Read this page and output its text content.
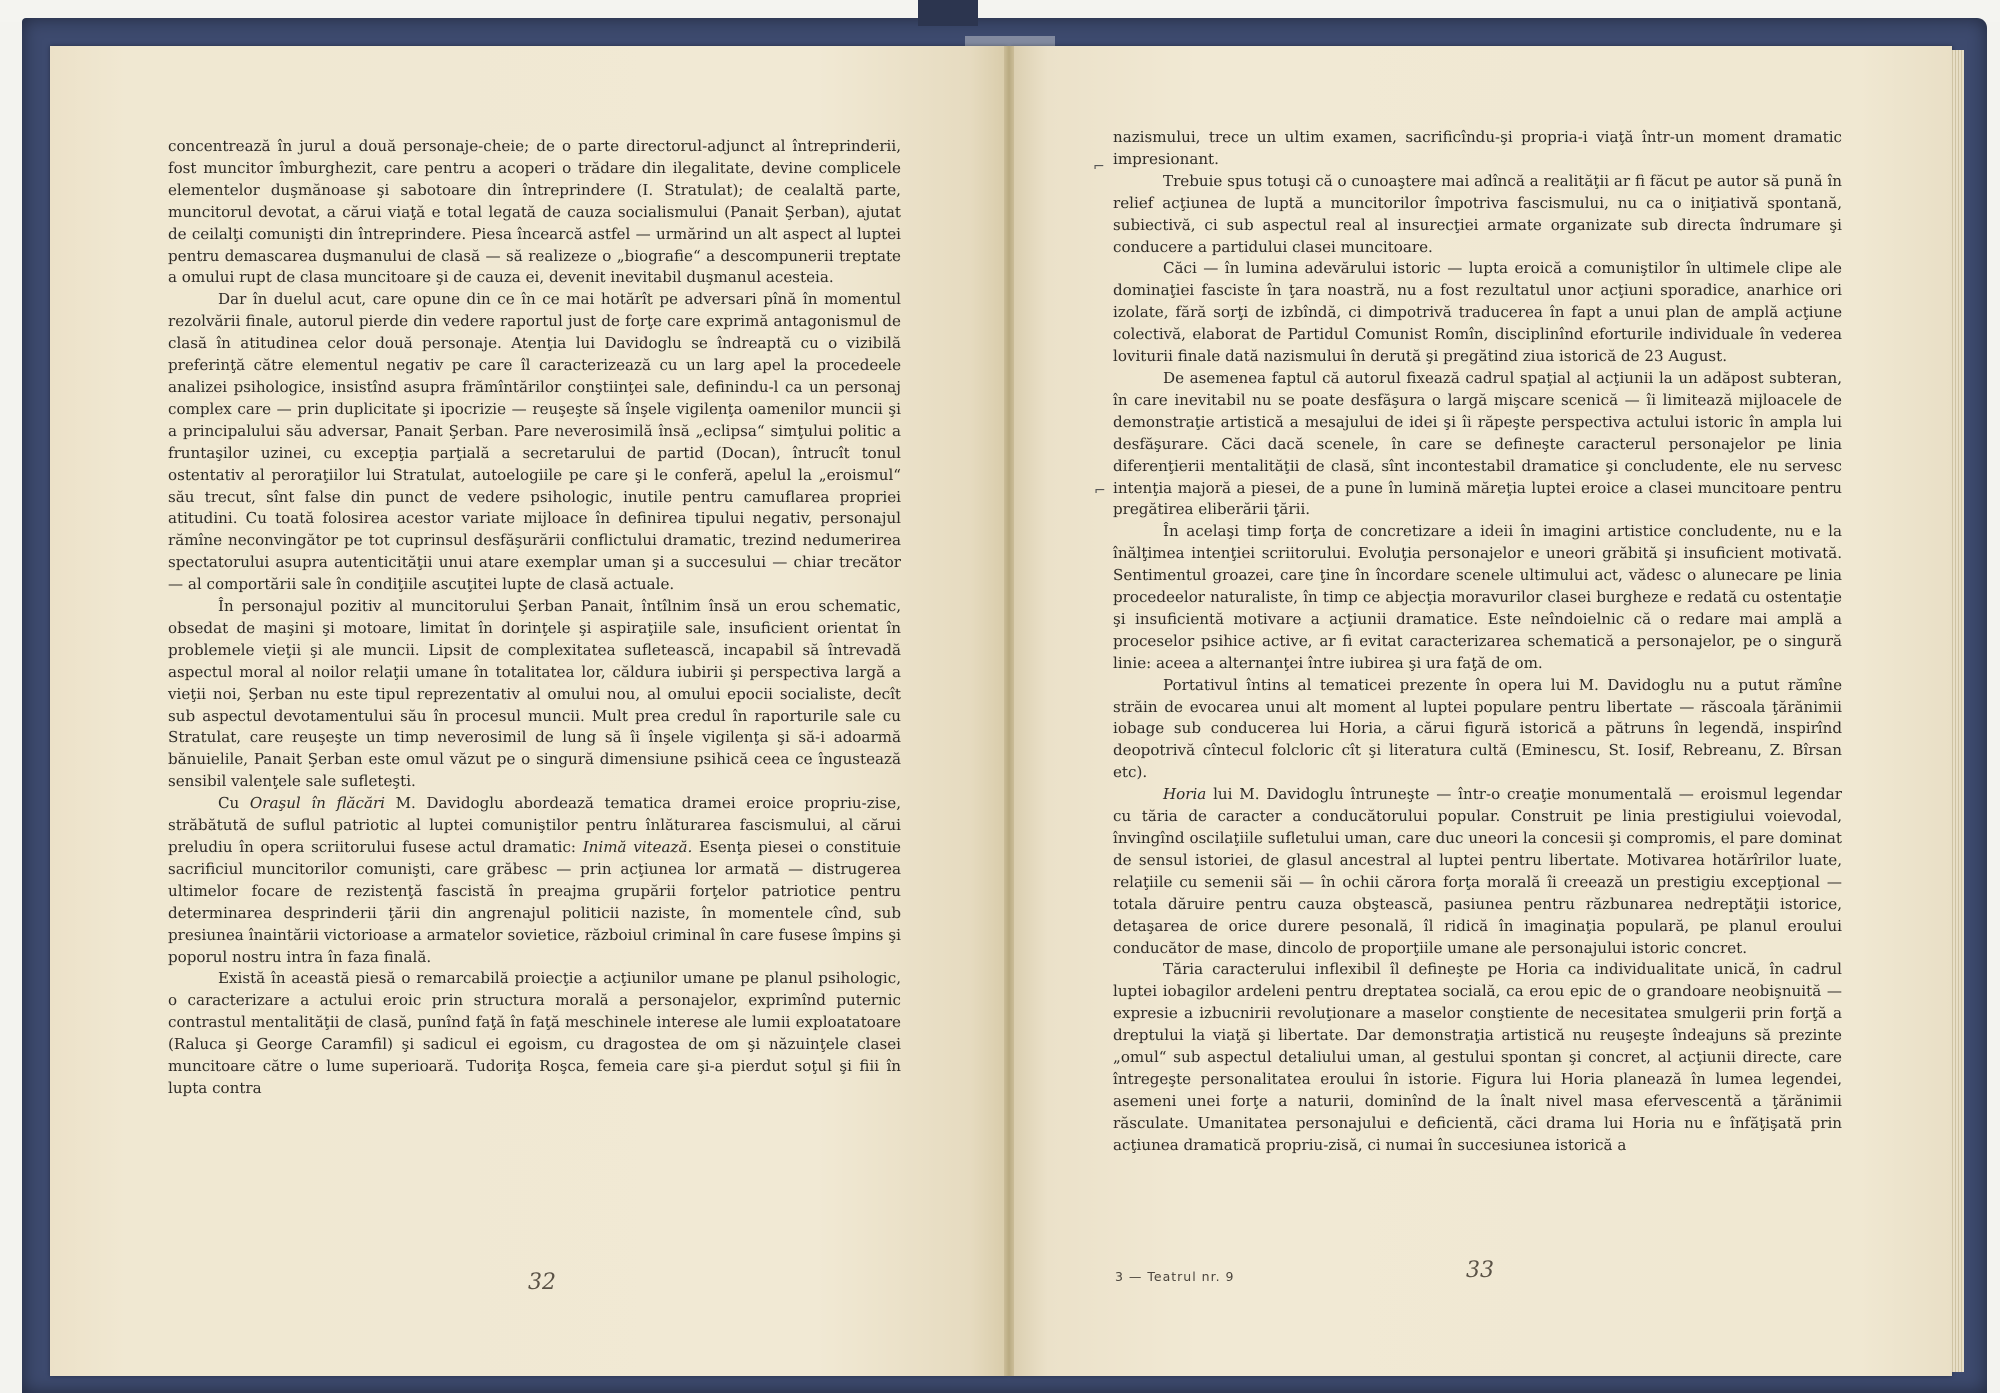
concentrează în jurul a două personaje-cheie; de o parte directorul-adjunct al întreprinderii, fost muncitor îmburghezit, care pentru a acoperi o trădare din ilegalitate, devine complicele elementelor duşmănoase şi sabotoare din întreprindere (I. Stratulat); de cealaltă parte, muncitorul devotat, a cărui viaţă e total legată de cauza socialismului (Panait Şerban), ajutat de ceilalţi comunişti din întreprindere. Piesa încearcă astfel — urmărind un alt aspect al luptei pentru demascarea duşmanului de clasă — să realizeze o „biografie“ a descompunerii treptate a omului rupt de clasa muncitoare şi de cauza ei, devenit inevitabil duşmanul acesteia.

Dar în duelul acut, care opune din ce în ce mai hotărît pe adversari pînă în momentul rezolvării finale, autorul pierde din vedere raportul just de forţe care exprimă antagonismul de clasă în atitudinea celor două personaje. Atenţia lui Davidoglu se îndreaptă cu o vizibilă preferinţă către elementul negativ pe care îl caracterizează cu un larg apel la procedeele analizei psihologice, insistînd asupra frămîntărilor conştiinţei sale, definindu-l ca un personaj complex care — prin duplicitate şi ipocrizie — reuşeşte să înşele vigilenţa oamenilor muncii şi a principalului său adversar, Panait Şerban. Pare neverosimilă însă „eclipsa“ simţului politic a fruntaşilor uzinei, cu excepţia parţială a secretarului de partid (Docan), întrucît tonul ostentativ al peroraţiilor lui Stratulat, autoelogiile pe care şi le conferă, apelul la „eroismul“ său trecut, sînt false din punct de vedere psihologic, inutile pentru camuflarea propriei atitudini. Cu toată folosirea acestor variate mijloace în definirea tipului negativ, personajul rămîne neconvingător pe tot cuprinsul desfăşurării conflictului dramatic, trezind nedumerirea spectatorului asupra autenticităţii unui atare exemplar uman şi a succesului — chiar trecător — al comportării sale în condiţiile ascuţitei lupte de clasă actuale.

În personajul pozitiv al muncitorului Şerban Panait, întîlnim însă un erou schematic, obsedat de maşini şi motoare, limitat în dorinţele şi aspiraţiile sale, insuficient orientat în problemele vieţii şi ale muncii. Lipsit de complexitatea sufletească, incapabil să întrevadă aspectul moral al noilor relaţii umane în totalitatea lor, căldura iubirii şi perspectiva largă a vieţii noi, Şerban nu este tipul reprezentativ al omului nou, al omului epocii socialiste, decît sub aspectul devotamentului său în procesul muncii. Mult prea credul în raporturile sale cu Stratulat, care reuşeşte un timp neverosimil de lung să îi înşele vigilenţa şi să-i adoarmă bănuielile, Panait Şerban este omul văzut pe o singură dimensiune psihică ceea ce îngustează sensibil valenţele sale sufleteşti.

Cu Oraşul în flăcări M. Davidoglu abordează tematica dramei eroice propriu-zise, străbătută de suflul patriotic al luptei comuniştilor pentru înlăturarea fascismului, al cărui preludiu în opera scriitorului fusese actul dramatic: Inimă vitează. Esenţa piesei o constituie sacrificiul muncitorilor comunişti, care grăbesc — prin acţiunea lor armată — distrugerea ultimelor focare de rezistenţă fascistă în preajma grupării forţelor patriotice pentru determinarea desprinderii ţării din angrenajul politicii naziste, în momentele cînd, sub presiunea înaintării victorioase a armatelor sovietice, războiul criminal în care fusese împins şi poporul nostru intra în faza finală.

Există în această piesă o remarcabilă proiecţie a acţiunilor umane pe planul psihologic, o caracterizare a actului eroic prin structura morală a personajelor, exprimînd puternic contrastul mentalităţii de clasă, punînd faţă în faţă meschinele interese ale lumii exploatatoare (Raluca şi George Caramfil) şi sadicul ei egoism, cu dragostea de om şi năzuinţele clasei muncitoare către o lume superioară. Tudoriţa Roşca, femeia care şi-a pierdut soţul şi fiii în lupta contra

nazismului, trece un ultim examen, sacrificîndu-şi propria-i viaţă într-un moment dramatic impresionant.

Trebuie spus totuşi că o cunoaştere mai adîncă a realităţii ar fi făcut pe autor să pună în relief acţiunea de luptă a muncitorilor împotriva fascismului, nu ca o iniţiativă spontană, subiectivă, ci sub aspectul real al insurecţiei armate organizate sub directa îndrumare şi conducere a partidului clasei muncitoare.

Căci — în lumina adevărului istoric — lupta eroică a comuniştilor în ultimele clipe ale dominaţiei fasciste în ţara noastră, nu a fost rezultatul unor acţiuni sporadice, anarhice ori izolate, fără sorţi de izbîndă, ci dimpotrivă traducerea în fapt a unui plan de amplă acţiune colectivă, elaborat de Partidul Comunist Romîn, disciplinînd eforturile individuale în vederea loviturii finale dată nazismului în derută şi pregătind ziua istorică de 23 August.

De asemenea faptul că autorul fixează cadrul spaţial al acţiunii la un adăpost subteran, în care inevitabil nu se poate desfăşura o largă mişcare scenică — îi limitează mijloacele de demonstraţie artistică a mesajului de idei şi îi răpeşte perspectiva actului istoric în ampla lui desfăşurare. Căci dacă scenele, în care se defineşte caracterul personajelor pe linia diferenţierii mentalităţii de clasă, sînt incontestabil dramatice şi concludente, ele nu servesc intenţia majoră a piesei, de a pune în lumină măreţia luptei eroice a clasei muncitoare pentru pregătirea eliberării ţării.

În acelaşi timp forţa de concretizare a ideii în imagini artistice concludente, nu e la înălţimea intenţiei scriitorului. Evoluţia personajelor e uneori grăbită şi insuficient motivată. Sentimentul groazei, care ţine în încordare scenele ultimului act, vădesc o alunecare pe linia procedeelor naturaliste, în timp ce abjecţia moravurilor clasei burgheze e redată cu ostentaţie şi insuficientă motivare a acţiunii dramatice. Este neîndoielnic că o redare mai amplă a proceselor psihice active, ar fi evitat caracterizarea schematică a personajelor, pe o singură linie: aceea a alternanţei între iubirea şi ura faţă de om.

Portativul întins al tematicei prezente în opera lui M. Davidoglu nu a putut rămîne străin de evocarea unui alt moment al luptei populare pentru libertate — răscoala ţărănimii iobage sub conducerea lui Horia, a cărui figură istorică a pătruns în legendă, inspirînd deopotrivă cîntecul folcloric cît şi literatura cultă (Eminescu, St. Iosif, Rebreanu, Z. Bîrsan etc).

Horia lui M. Davidoglu întruneşte — într-o creaţie monumentală — eroismul legendar cu tăria de caracter a conducătorului popular. Construit pe linia prestigiului voievodal, învingînd oscilaţiile sufletului uman, care duc uneori la concesii şi compromis, el pare dominat de sensul istoriei, de glasul ancestral al luptei pentru libertate. Motivarea hotărîrilor luate, relaţiile cu semenii săi — în ochii cărora forţa morală îi creează un prestigiu excepţional — totala dăruire pentru cauza obştească, pasiunea pentru răzbunarea nedreptăţii istorice, detaşarea de orice durere pesonală, îl ridică în imaginaţia populară, pe planul eroului conducător de mase, dincolo de proporţiile umane ale personajului istoric concret.

Tăria caracterului inflexibil îl defineşte pe Horia ca individualitate unică, în cadrul luptei iobagilor ardeleni pentru dreptatea socială, ca erou epic de o grandoare neobişnuită — expresie a izbucnirii revoluţionare a maselor conştiente de necesitatea smulgerii prin forţă a dreptului la viaţă şi libertate. Dar demonstraţia artistică nu reuşeşte îndeajuns să prezinte „omul“ sub aspectul detaliului uman, al gestului spontan şi concret, al acţiunii directe, care întregeşte personalitatea eroului în istorie. Figura lui Horia planează în lumea legendei, asemeni unei forţe a naturii, dominînd de la înalt nivel masa efervescentă a ţărănimii răsculate. Umanitatea personajului e deficientă, căci drama lui Horia nu e înfăţişată prin acţiunea dramatică propriu-zisă, ci numai în succesiunea istorică a

32	3 — Teatrul nr. 9	33
⌐
⌐
